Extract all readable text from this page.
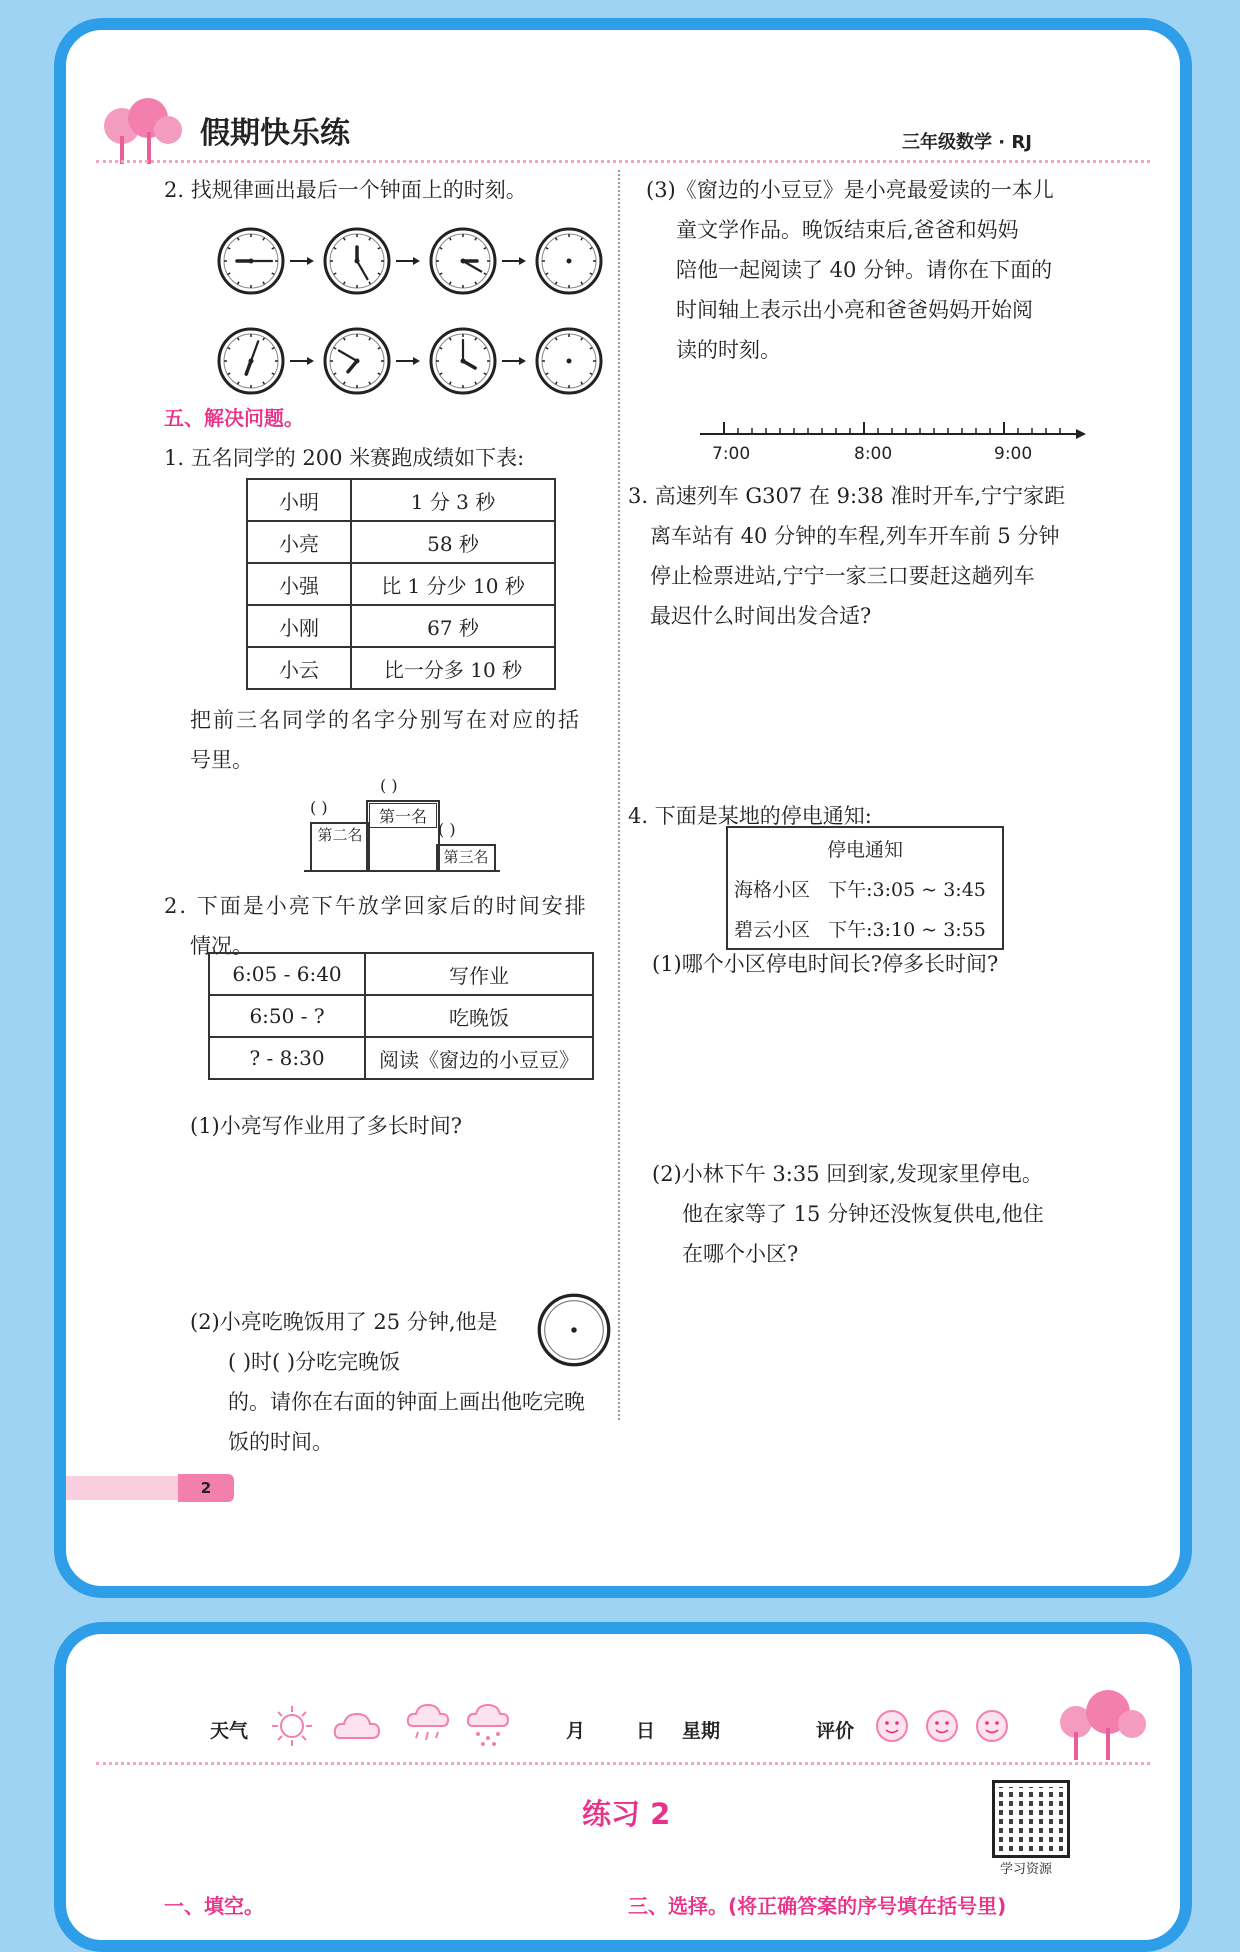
假期快乐练	三年级数学 · RJ
2. 找规律画出最后一个钟面上的时刻。
五、解决问题。
1. 五名同学的 200 米赛跑成绩如下表:
小明	1 分 3 秒
小亮	58 秒
小强	比 1 分少 10 秒
小刚	67 秒
小云	比一分多 10 秒
把前三名同学的名字分别写在对应的括
号里。
( )
第一名
( )
第二名	( )
第三名
2. 下面是小亮下午放学回家后的时间安排
情况。
6:05 - 6:40	写作业
6:50 - ?	吃晚饭
? - 8:30	阅读《窗边的小豆豆》
(1)小亮写作业用了多长时间?
(2)小亮吃晚饭用了 25 分钟,他是
( )时( )分吃完晚饭
的。请你在右面的钟面上画出他吃完晚
饭的时间。
(3)《窗边的小豆豆》是小亮最爱读的一本儿
童文学作品。晚饭结束后,爸爸和妈妈
陪他一起阅读了 40 分钟。请你在下面的
时间轴上表示出小亮和爸爸妈妈开始阅
读的时刻。
7:00	8:00	9:00
3. 高速列车 G307 在 9:38 准时开车,宁宁家距
离车站有 40 分钟的车程,列车开车前 5 分钟
停止检票进站,宁宁一家三口要赶这趟列车
最迟什么时间出发合适?
4. 下面是某地的停电通知:
停电通知
海格小区 下午:3:05 ~ 3:45
碧云小区 下午:3:10 ~ 3:55
(1)哪个小区停电时间长?停多长时间?
(2)小林下午 3:35 回到家,发现家里停电。
他在家等了 15 分钟还没恢复供电,他住
在哪个小区?
2
天气	月	日 星期	评价
练习 2
学习资源
一、填空。	三、选择。(将正确答案的序号填在括号里)
